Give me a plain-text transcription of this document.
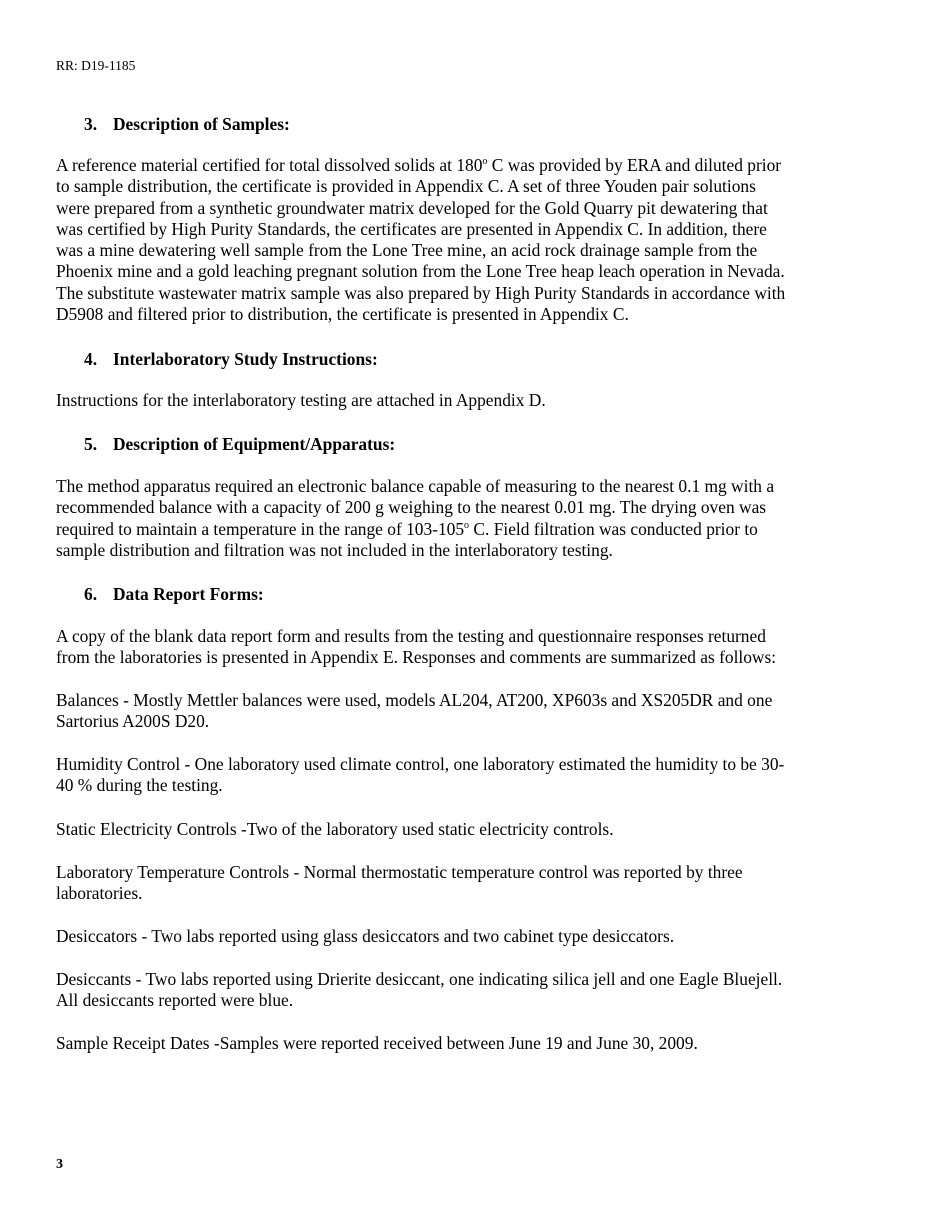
RR: D19-1185
3. Description of Samples:
A reference material certified for total dissolved solids at 180$^o$ C was provided by ERA and diluted prior
to sample distribution, the certificate is provided in Appendix C. A set of three Youden pair solutions
were prepared from a synthetic groundwater matrix developed for the Gold Quarry pit dewatering that
was certified by High Purity Standards, the certificates are presented in Appendix C. In addition, there
was a mine dewatering well sample from the Lone Tree mine, an acid rock drainage sample from the
Phoenix mine and a gold leaching pregnant solution from the Lone Tree heap leach operation in Nevada.
The substitute wastewater matrix sample was also prepared by High Purity Standards in accordance with
D5908 and filtered prior to distribution, the certificate is presented in Appendix C.
4. Interlaboratory Study Instructions:
Instructions for the interlaboratory testing are attached in Appendix D.
5. Description of Equipment/Apparatus:
The method apparatus required an electronic balance capable of measuring to the nearest 0.1 mg with a
recommended balance with a capacity of 200 g weighing to the nearest 0.01 mg. The drying oven was
required to maintain a temperature in the range of 103-105$^o$ C. Field filtration was conducted prior to
sample distribution and filtration was not included in the interlaboratory testing.
6. Data Report Forms:
A copy of the blank data report form and results from the testing and questionnaire responses returned
from the laboratories is presented in Appendix E. Responses and comments are summarized as follows:
Balances - Mostly Mettler balances were used, models AL204, AT200, XP603s and XS205DR and one
Sartorius A200S D20.
Humidity Control - One laboratory used climate control, one laboratory estimated the humidity to be 30-
40 % during the testing.
Static Electricity Controls -Two of the laboratory used static electricity controls.
Laboratory Temperature Controls - Normal thermostatic temperature control was reported by three
laboratories.
Desiccators - Two labs reported using glass desiccators and two cabinet type desiccators.
Desiccants - Two labs reported using Drierite desiccant, one indicating silica jell and one Eagle Bluejell.
All desiccants reported were blue.
Sample Receipt Dates -Samples were reported received between June 19 and June 30, 2009.
3
